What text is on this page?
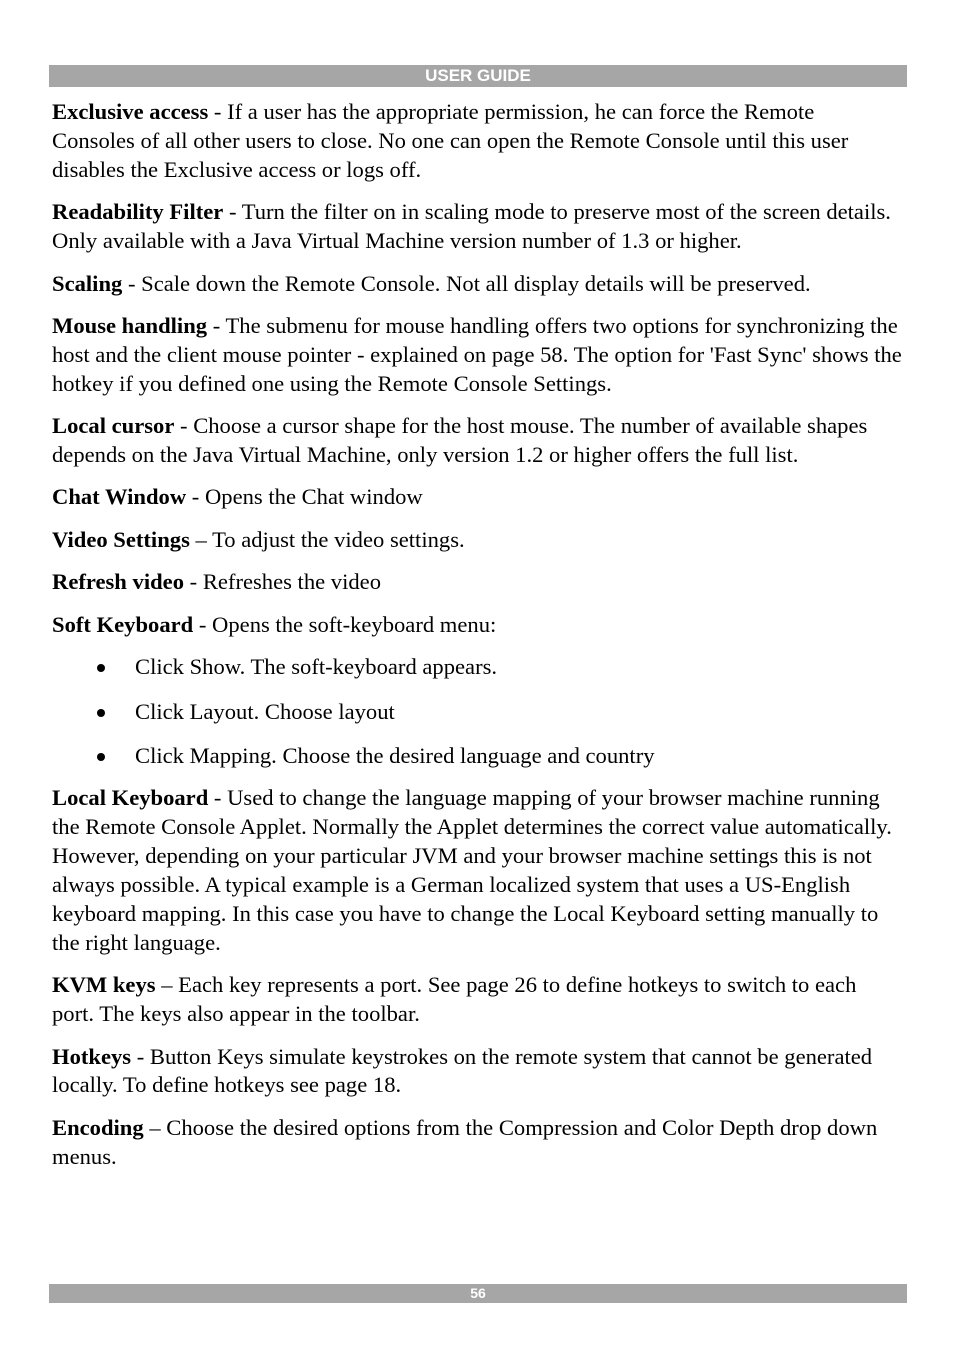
USER GUIDE

Exclusive access - If a user has the appropriate permission, he can force the Remote Consoles of all other users to close. No one can open the Remote Console until this user disables the Exclusive access or logs off.

Readability Filter - Turn the filter on in scaling mode to preserve most of the screen details. Only available with a Java Virtual Machine version number of 1.3 or higher.

Scaling - Scale down the Remote Console. Not all display details will be preserved.

Mouse handling - The submenu for mouse handling offers two options for synchronizing the host and the client mouse pointer - explained on page 58. The option for 'Fast Sync' shows the hotkey if you defined one using the Remote Console Settings.

Local cursor - Choose a cursor shape for the host mouse. The number of available shapes depends on the Java Virtual Machine, only version 1.2 or higher offers the full list.

Chat Window - Opens the Chat window

Video Settings – To adjust the video settings.

Refresh video - Refreshes the video

Soft Keyboard - Opens the soft-keyboard menu:

Click Show. The soft-keyboard appears.
Click Layout. Choose layout
Click Mapping. Choose the desired language and country

Local Keyboard - Used to change the language mapping of your browser machine running the Remote Console Applet. Normally the Applet determines the correct value automatically. However, depending on your particular JVM and your browser machine settings this is not always possible. A typical example is a German localized system that uses a US-English keyboard mapping. In this case you have to change the Local Keyboard setting manually to the right language.

KVM keys – Each key represents a port. See page 26 to define hotkeys to switch to each port. The keys also appear in the toolbar.

Hotkeys - Button Keys simulate keystrokes on the remote system that cannot be generated locally. To define hotkeys see page 18.

Encoding – Choose the desired options from the Compression and Color Depth drop down menus.

56
